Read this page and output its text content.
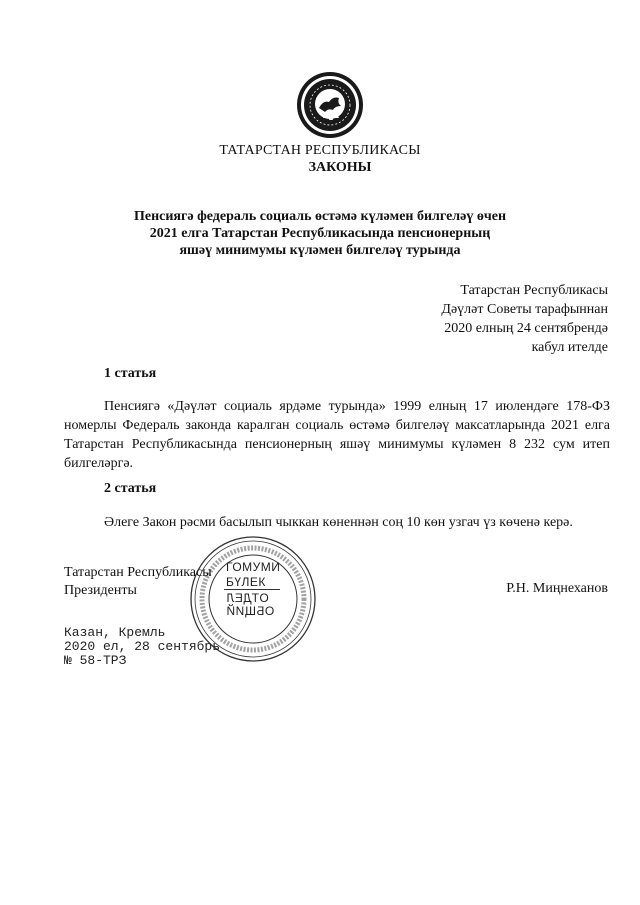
ТАТАРСТАН РЕСПУБЛИКАСЫ
ЗАКОНЫ
Пенсиягә федераль социаль өстәмә күләмен билгеләү өчен
2021 елга Татарстан Республикасында пенсионерның
яшәү минимумы күләмен билгеләү турында
Татарстан Республикасы
Дәүләт Советы тарафыннан
2020 елның 24 сентябрендә
кабул ителде
1 статья
Пенсиягә «Дәүләт социаль ярдәме турында» 1999 елның 17 июлендәге 178-ФЗ номерлы Федераль законда каралган социаль өстәмә билгеләү максатларында 2021 елга Татарстан Республикасында пенсионерның яшәү минимумы күләмен 8 232 сум итеп билгеләргә.
2 статья
Әлеге Закон рәсми басылып чыккан көненнән соң 10 көн узгач үз көченә керә.
ГОМУМИ
БҮЛЕК
ОТДЕЛ
ОБЩИЙ
Татарстан Республикасы
Президенты	Р.Н. Миңнеханов
Казан, Кремль
2020 ел, 28 сентябрь
№ 58-ТРЗ
